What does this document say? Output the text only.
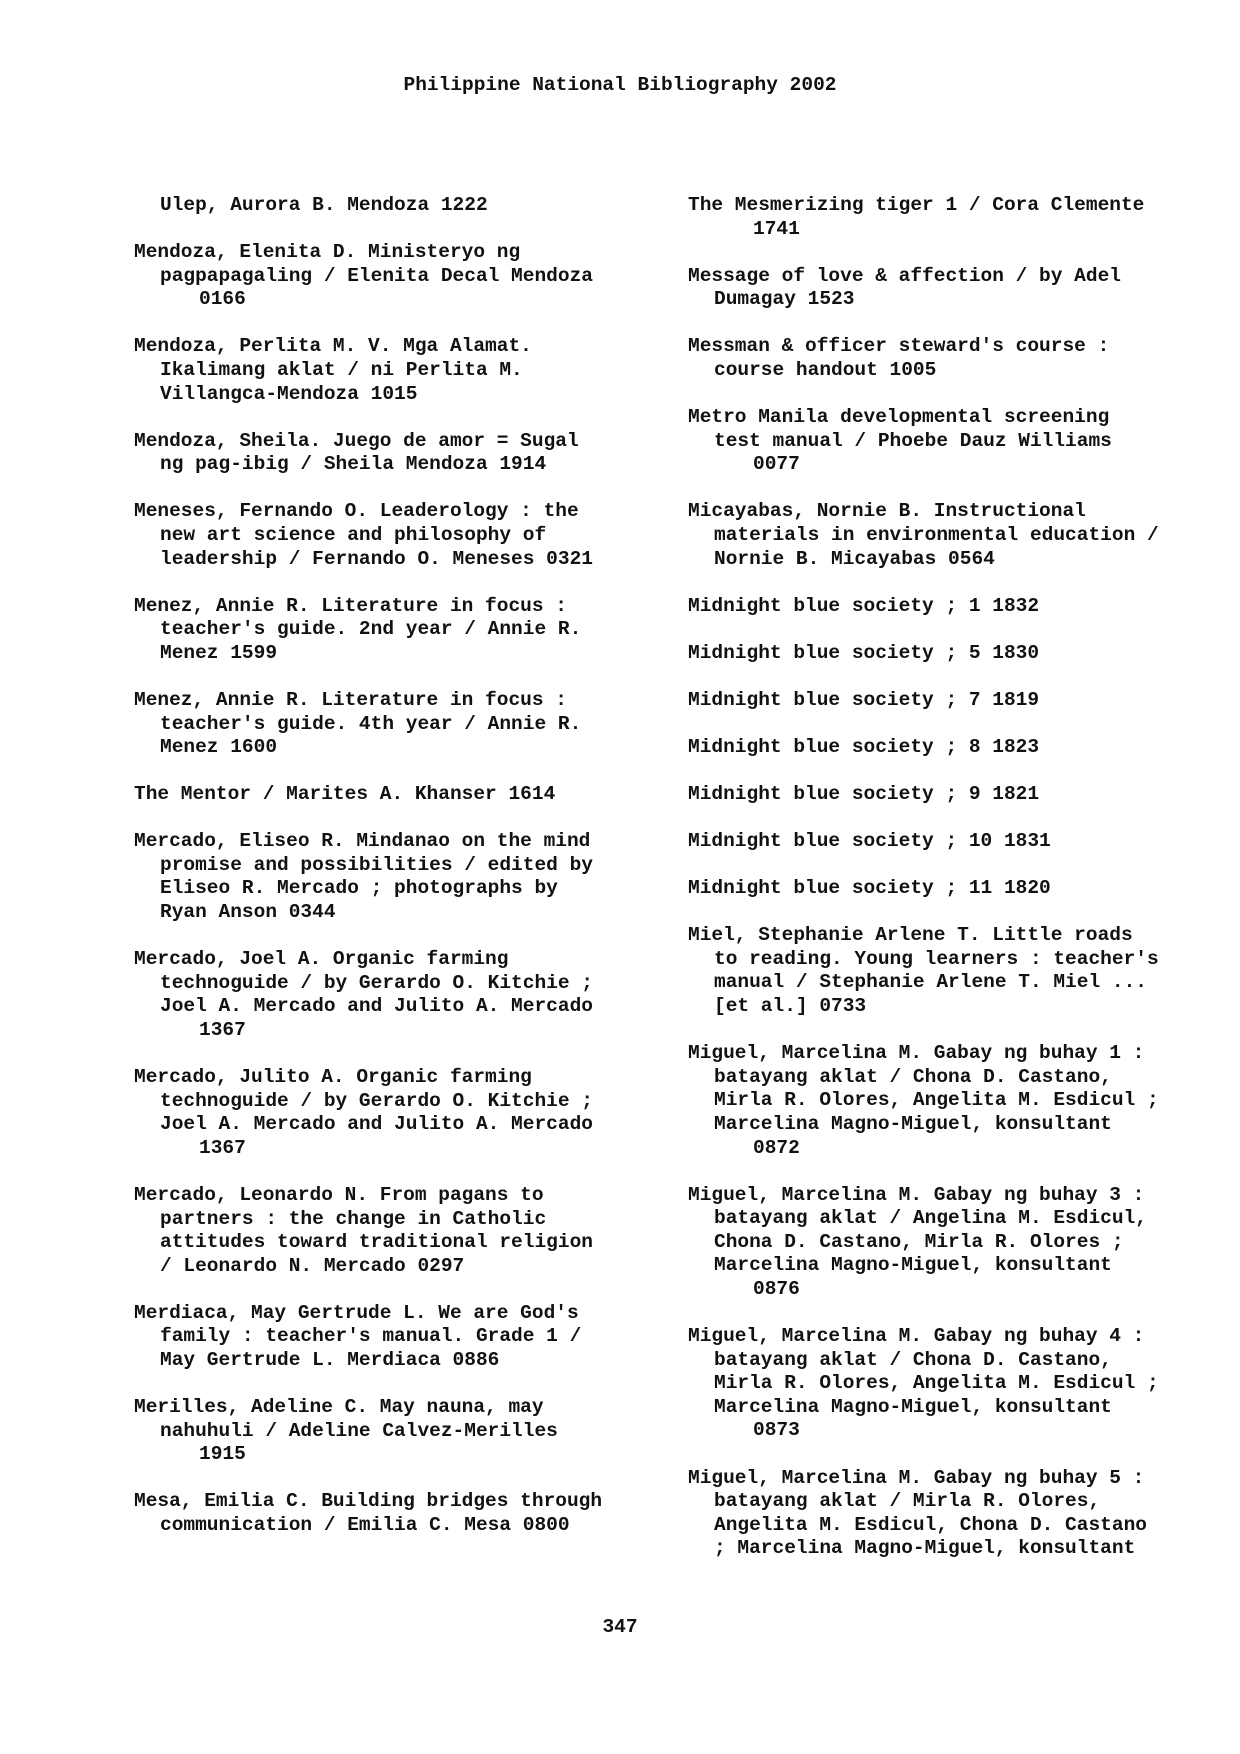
Philippine National Bibliography 2002
Ulep, Aurora B. Mendoza 1222
Mendoza, Elenita D. Ministeryo ng
pagpapagaling / Elenita Decal Mendoza
0166
Mendoza, Perlita M. V. Mga Alamat.
Ikalimang aklat / ni Perlita M.
Villangca-Mendoza 1015
Mendoza, Sheila. Juego de amor = Sugal
ng pag-ibig / Sheila Mendoza 1914
Meneses, Fernando O. Leaderology : the
new art science and philosophy of
leadership / Fernando O. Meneses 0321
Menez, Annie R. Literature in focus :
teacher's guide. 2nd year / Annie R.
Menez 1599
Menez, Annie R. Literature in focus :
teacher's guide. 4th year / Annie R.
Menez 1600
The Mentor / Marites A. Khanser 1614
Mercado, Eliseo R. Mindanao on the mind
promise and possibilities / edited by
Eliseo R. Mercado ; photographs by
Ryan Anson 0344
Mercado, Joel A. Organic farming
technoguide / by Gerardo O. Kitchie ;
Joel A. Mercado and Julito A. Mercado
1367
Mercado, Julito A. Organic farming
technoguide / by Gerardo O. Kitchie ;
Joel A. Mercado and Julito A. Mercado
1367
Mercado, Leonardo N. From pagans to
partners : the change in Catholic
attitudes toward traditional religion
/ Leonardo N. Mercado 0297
Merdiaca, May Gertrude L. We are God's
family : teacher's manual. Grade 1 /
May Gertrude L. Merdiaca 0886
Merilles, Adeline C. May nauna, may
nahuhuli / Adeline Calvez-Merilles
1915
Mesa, Emilia C. Building bridges through
communication / Emilia C. Mesa 0800
The Mesmerizing tiger 1 / Cora Clemente
1741
Message of love & affection / by Adel
Dumagay 1523
Messman & officer steward's course :
course handout 1005
Metro Manila developmental screening
test manual / Phoebe Dauz Williams
0077
Micayabas, Nornie B. Instructional
materials in environmental education /
Nornie B. Micayabas 0564
Midnight blue society ; 1 1832
Midnight blue society ; 5 1830
Midnight blue society ; 7 1819
Midnight blue society ; 8 1823
Midnight blue society ; 9 1821
Midnight blue society ; 10 1831
Midnight blue society ; 11 1820
Miel, Stephanie Arlene T. Little roads
to reading. Young learners : teacher's
manual / Stephanie Arlene T. Miel ...
[et al.] 0733
Miguel, Marcelina M. Gabay ng buhay 1 :
batayang aklat / Chona D. Castano,
Mirla R. Olores, Angelita M. Esdicul ;
Marcelina Magno-Miguel, konsultant
0872
Miguel, Marcelina M. Gabay ng buhay 3 :
batayang aklat / Angelina M. Esdicul,
Chona D. Castano, Mirla R. Olores ;
Marcelina Magno-Miguel, konsultant
0876
Miguel, Marcelina M. Gabay ng buhay 4 :
batayang aklat / Chona D. Castano,
Mirla R. Olores, Angelita M. Esdicul ;
Marcelina Magno-Miguel, konsultant
0873
Miguel, Marcelina M. Gabay ng buhay 5 :
batayang aklat / Mirla R. Olores,
Angelita M. Esdicul, Chona D. Castano
; Marcelina Magno-Miguel, konsultant
347
